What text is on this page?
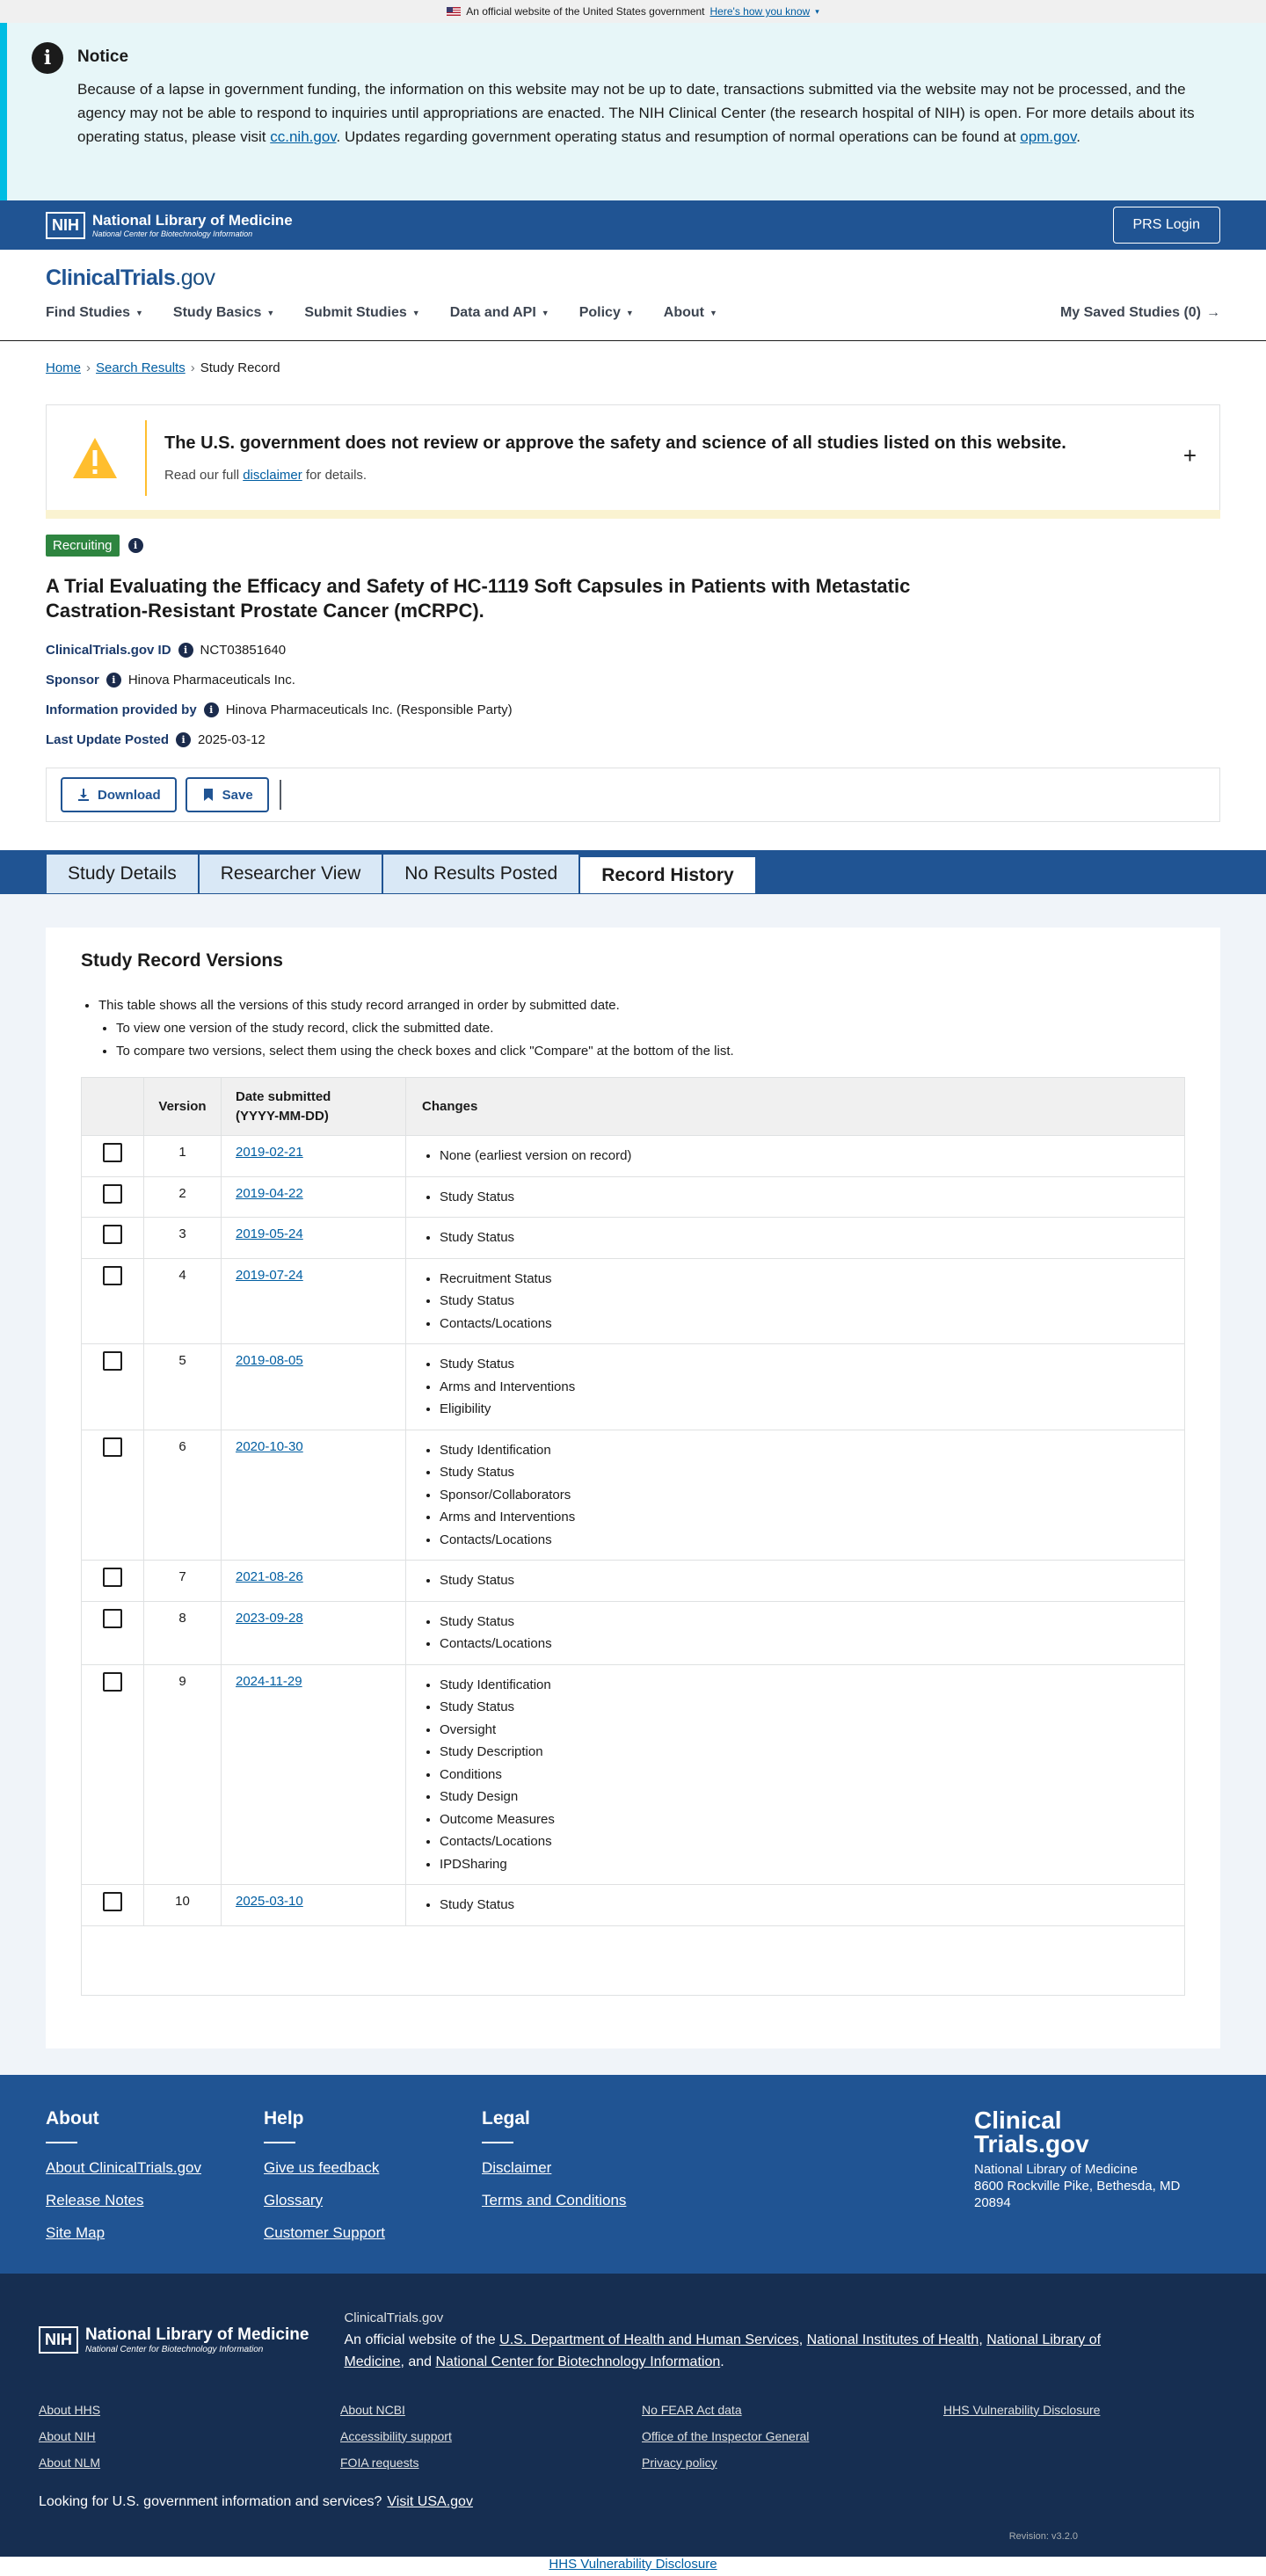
An official website of the United States government Here's how you know ▾
i	Notice

Because of a lapse in government funding, the information on this website may not be up to date, transactions submitted via the website may not be processed, and the agency may not be able to respond to inquiries until appropriations are enacted. The NIH Clinical Center (the research hospital of NIH) is open. For more details about its operating status, please visit cc.nih.gov. Updates regarding government operating status and resumption of normal operations can be found at opm.gov.

NIH National Library of Medicine
National Center for Biotechnology Information
PRS Login
ClinicalTrials.gov
Find Studies ▼ Study Basics ▼ Submit Studies ▼ Data and API ▼ Policy ▼ About ▼	My Saved Studies (0) →
Home › Search Results › Study Record
The U.S. government does not review or approve the safety and science of all studies listed on this website.
Read our full disclaimer for details.
+
Recruiting	i
A Trial Evaluating the Efficacy and Safety of HC-1119 Soft Capsules in Patients with Metastatic Castration-Resistant Prostate Cancer (mCRPC).
ClinicalTrials.gov ID	i NCT03851640
Sponsor	i Hinova Pharmaceuticals Inc.
Information provided by	i Hinova Pharmaceuticals Inc. (Responsible Party)
Last Update Posted	i 2025-03-12
Download	Save
Study Details	Researcher View	No Results Posted	Record History
Study Record Versions
• This table shows all the versions of this study record arranged in order by submitted date.
• To view one version of the study record, click the submitted date.
• To compare two versions, select them using the check boxes and click "Compare" at the bottom of the list.
Version
Date submitted
(YYYY-MM-DD)
Changes
1	2019-02-21	• None (earliest version on record)
2	2019-04-22	• Study Status
3	2019-05-24	• Study Status
4	2019-07-24	• Recruitment Status
• Study Status
• Contacts/Locations
5	2019-08-05	• Study Status
• Arms and Interventions
• Eligibility
6	2020-10-30	• Study Identification
• Study Status
• Sponsor/Collaborators
• Arms and Interventions
• Contacts/Locations
7	2021-08-26	• Study Status
8	2023-09-28	• Study Status
• Contacts/Locations
9	2024-11-29	• Study Identification
• Study Status
• Oversight
• Study Description
• Conditions
• Study Design
• Outcome Measures
• Contacts/Locations
• IPDSharing
10	2025-03-10	• Study Status
About
About ClinicalTrials.gov
Release Notes
Site Map
Help
Give us feedback
Glossary
Customer Support
Legal
Disclaimer
Terms and Conditions
Clinical
Trials.gov
National Library of Medicine
8600 Rockville Pike, Bethesda, MD
20894
NIH National Library of Medicine
National Center for Biotechnology Information
ClinicalTrials.gov
An official website of the U.S. Department of Health and Human Services, National Institutes of Health, National Library of Medicine, and National Center for Biotechnology Information.
About HHS	About NCBI	No FEAR Act data	HHS Vulnerability Disclosure
About NIH	Accessibility support	Office of the Inspector General
About NLM	FOIA requests	Privacy policy
Looking for U.S. government information and services? Visit USA.gov
Revision: v3.2.0
HHS Vulnerability Disclosure
